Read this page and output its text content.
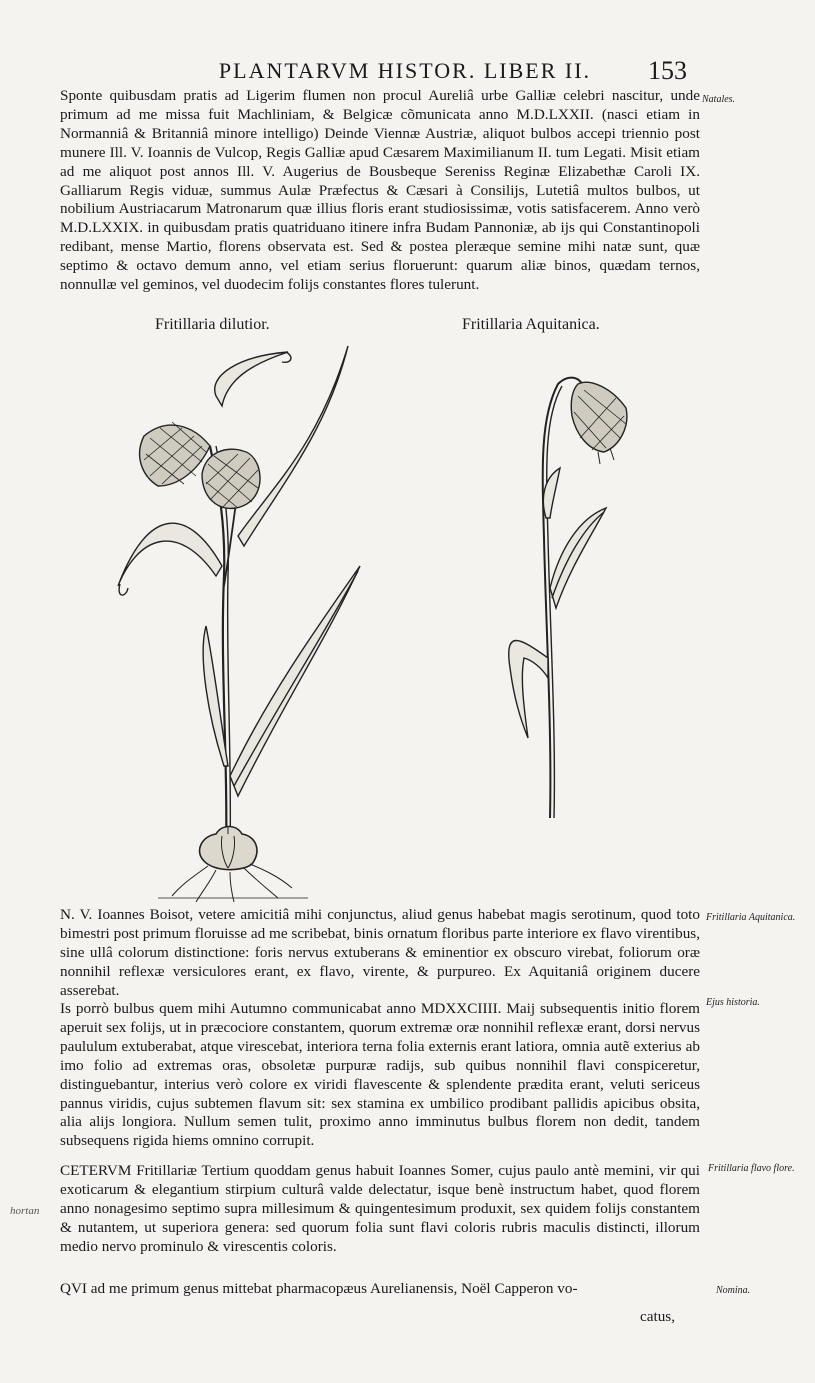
PLANTARVM HISTOR. LIBER II.	153

Sponte quibusdam pratis ad Ligerim flumen non procul Aureliâ urbe Galliæ celebri nascitur, unde primum ad me missa fuit Machliniam, & Belgicæ cõmunicata anno M.D.LXXII. (nasci etiam in Normanniâ & Britanniâ minore intelligo) Deinde Viennæ Austriæ, aliquot bulbos accepi triennio post munere Ill. V. Ioannis de Vulcop, Regis Galliæ apud Cæsarem Maximilianum II. tum Legati. Misit etiam ad me aliquot post annos Ill. V. Augerius de Bousbeque Sereniss Reginæ Elizabethæ Caroli IX. Galliarum Regis viduæ, summus Aulæ Præfectus & Cæsari à Consilijs, Lutetiâ multos bulbos, ut nobilium Austriacarum Matronarum quæ illius floris erant studiosissimæ, votis satisfacerem. Anno verò M.D.LXXIX. in quibusdam pratis quatriduano itinere infra Budam Pannoniæ, ab ijs qui Constantinopoli redibant, mense Martio, florens observata est. Sed & postea pleræque semine mihi natæ sunt, quæ septimo & octavo demum anno, vel etiam serius floruerunt: quarum aliæ binos, quædam ternos, nonnullæ vel geminos, vel duodecim folijs constantes flores tulerunt.

Natales.
Fritillaria dilutior.	Fritillaria Aquitanica.

N. V. Ioannes Boisot, vetere amicitiâ mihi conjunctus, aliud genus habebat magis serotinum, quod toto bimestri post primum floruisse ad me scribebat, binis ornatum floribus parte interiore ex flavo virentibus, sine ullâ colorum distinctione: foris nervus extuberans & eminentior ex obscuro virebat, foliorum oræ nonnihil reflexæ versiculores erant, ex flavo, virente, & purpureo. Ex Aquitaniâ originem ducere asserebat.

Fritillaria Aquitanica.

Is porrò bulbus quem mihi Autumno communicabat anno MDXXCIIII. Maij subsequentis initio florem aperuit sex folijs, ut in præcociore constantem, quorum extremæ oræ nonnihil reflexæ erant, dorsi nervus paululum extuberabat, atque virescebat, interiora terna folia externis erant latiora, omnia autẽ exterius ab imo folio ad extremas oras, obsoletæ purpuræ radijs, sub quibus nonnihil flavi conspiceretur, distinguebantur, interius verò colore ex viridi flavescente & splendente prædita erant, veluti sericeus pannus viridis, cujus subtemen flavum sit: sex stamina ex umbilico prodibant pallidis apicibus obsita, alia alijs longiora. Nullum semen tulit, proximo anno imminutus bulbus florem non dedit, tandem subsequens rigida hiems omnino corrupit.

Ejus historia.

CETERVM Fritillariæ Tertium quoddam genus habuit Ioannes Somer, cujus paulo antè memini, vir qui exoticarum & elegantium stirpium culturâ valde delectatur, isque benè instructum habet, quod florem anno nonagesimo septimo supra millesimum & quingentesimum produxit, sex quidem folijs constantem & nutantem, ut superiora genera: sed quorum folia sunt flavi coloris rubris maculis distincti, illorum medio nervo prominulo & virescentis coloris.

Fritillaria flavo flore.
hortan

QVI ad me primum genus mittebat pharmacopæus Aurelianensis, Noël Capperon vo-	Nomina.
catus,
